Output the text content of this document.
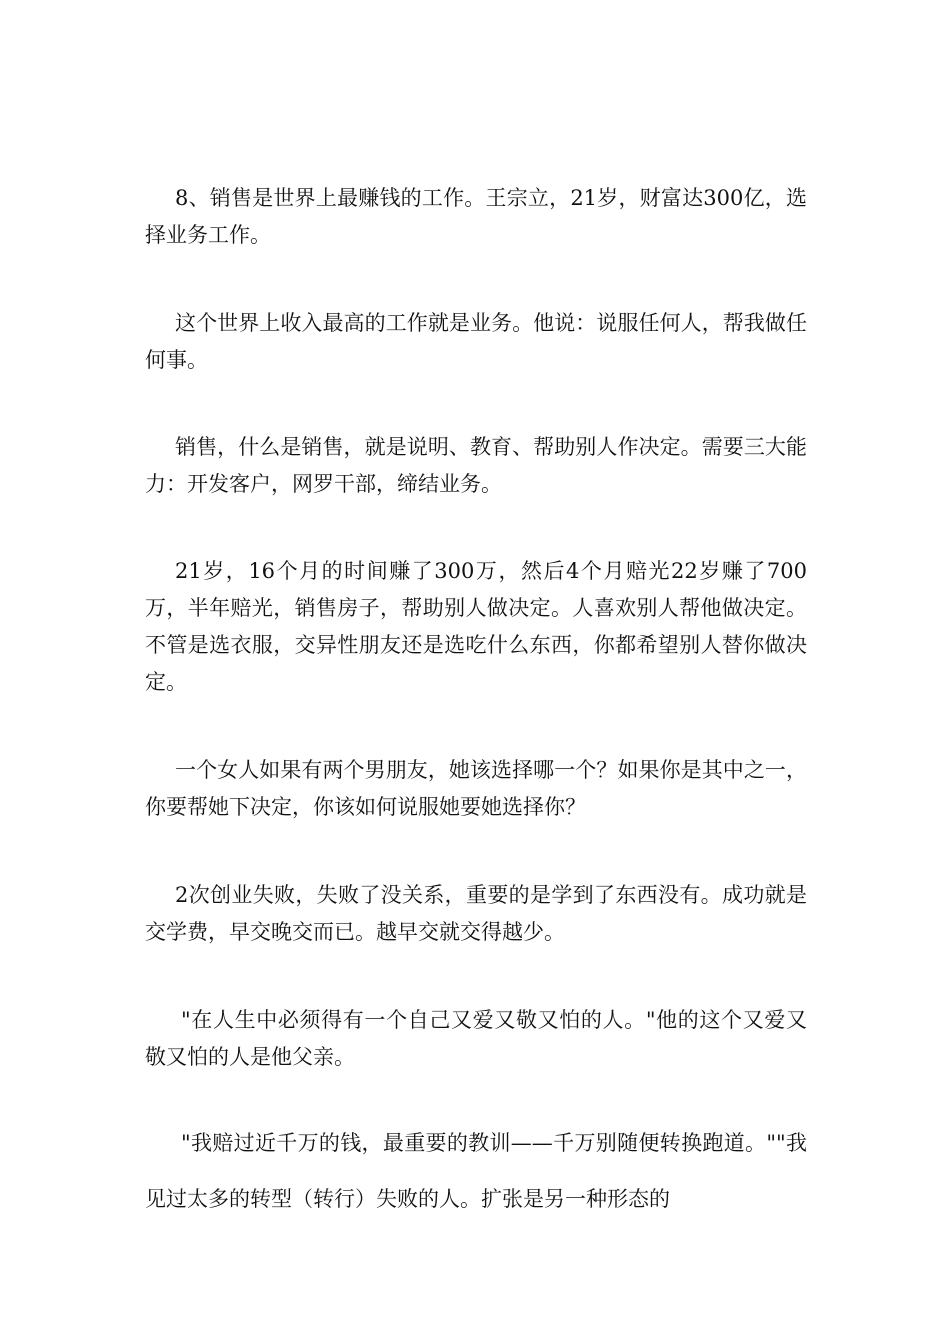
8、销售是世界上最赚钱的工作。王宗立，21岁，财富达300亿，选择业务工作。

这个世界上收入最高的工作就是业务。他说：说服任何人，帮我做任何事。

销售，什么是销售，就是说明、教育、帮助别人作决定。需要三大能力：开发客户，网罗干部，缔结业务。

21岁，16个月的时间赚了300万，然后4个月赔光22岁赚了700万，半年赔光，销售房子，帮助别人做决定。人喜欢别人帮他做决定。不管是选衣服，交异性朋友还是选吃什么东西，你都希望别人替你做决定。

一个女人如果有两个男朋友，她该选择哪一个？如果你是其中之一，你要帮她下决定，你该如何说服她要她选择你？

2次创业失败，失败了没关系，重要的是学到了东西没有。成功就是交学费，早交晚交而已。越早交就交得越少。

"在人生中必须得有一个自己又爱又敬又怕的人。"他的这个又爱又敬又怕的人是他父亲。

"我赔过近千万的钱，最重要的教训——千万别随便转换跑道。""我见过太多的转型（转行）失败的人。扩张是另一种形态的
